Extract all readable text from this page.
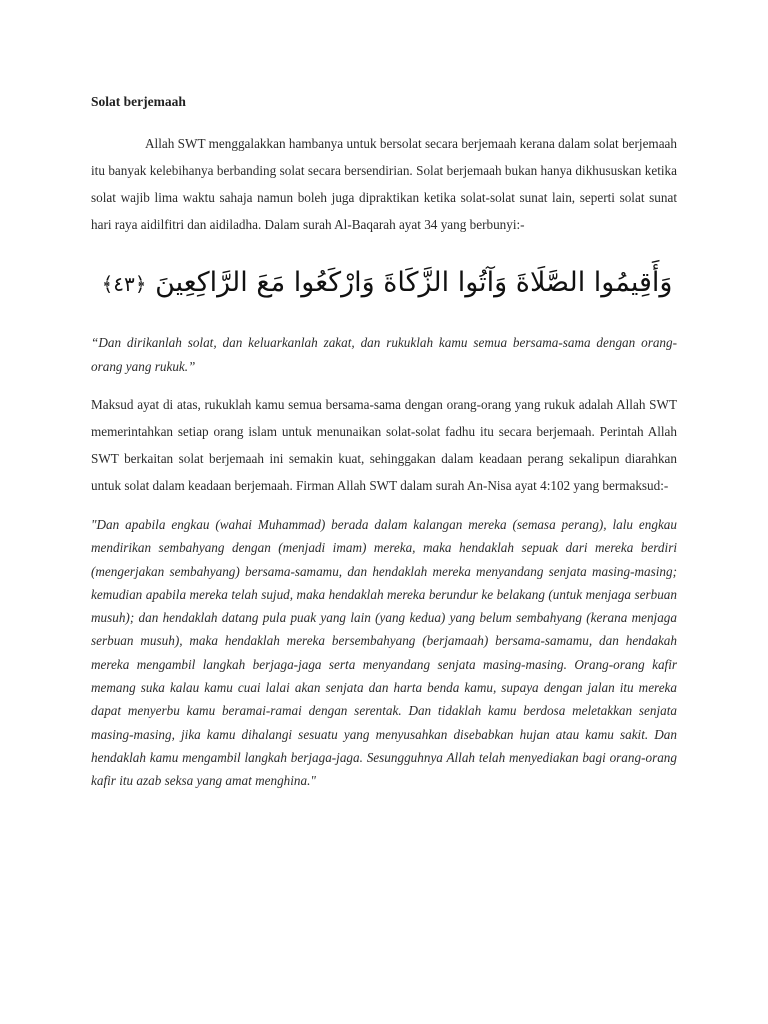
Solat berjemaah

Allah SWT menggalakkan hambanya untuk bersolat secara berjemaah kerana dalam solat berjemaah itu banyak kelebihanya berbanding solat secara bersendirian. Solat berjemaah bukan hanya dikhususkan ketika solat wajib lima waktu sahaja namun boleh juga dipraktikan ketika solat-solat sunat lain, seperti solat sunat hari raya aidilfitri dan aidiladha. Dalam surah Al-Baqarah ayat 34 yang berbunyi:-

وَأَقِيمُوا الصَّلَاةَ وَآتُوا الزَّكَاةَ وَارْكَعُوا مَعَ الرَّاكِعِينَ ﴿٤٣﴾

“Dan dirikanlah solat, dan keluarkanlah zakat, dan rukuklah kamu semua bersama-sama dengan orang-orang yang rukuk.”

Maksud ayat di atas, rukuklah kamu semua bersama-sama dengan orang-orang yang rukuk adalah Allah SWT memerintahkan setiap orang islam untuk menunaikan solat-solat fadhu itu secara berjemaah. Perintah Allah SWT berkaitan solat berjemaah ini semakin kuat, sehinggakan dalam keadaan perang sekalipun diarahkan untuk solat dalam keadaan berjemaah. Firman Allah SWT dalam surah An-Nisa ayat 4:102 yang bermaksud:-

"Dan apabila engkau (wahai Muhammad) berada dalam kalangan mereka (semasa perang), lalu engkau mendirikan sembahyang dengan (menjadi imam) mereka, maka hendaklah sepuak dari mereka berdiri (mengerjakan sembahyang) bersama-samamu, dan hendaklah mereka menyandang senjata masing-masing; kemudian apabila mereka telah sujud, maka hendaklah mereka berundur ke belakang (untuk menjaga serbuan musuh); dan hendaklah datang pula puak yang lain (yang kedua) yang belum sembahyang (kerana menjaga serbuan musuh), maka hendaklah mereka bersembahyang (berjamaah) bersama-samamu, dan hendakah mereka mengambil langkah berjaga-jaga serta menyandang senjata masing-masing. Orang-orang kafir memang suka kalau kamu cuai lalai akan senjata dan harta benda kamu, supaya dengan jalan itu mereka dapat menyerbu kamu beramai-ramai dengan serentak. Dan tidaklah kamu berdosa meletakkan senjata masing-masing, jika kamu dihalangi sesuatu yang menyusahkan disebabkan hujan atau kamu sakit. Dan hendaklah kamu mengambil langkah berjaga-jaga. Sesungguhnya Allah telah menyediakan bagi orang-orang kafir itu azab seksa yang amat menghina."
